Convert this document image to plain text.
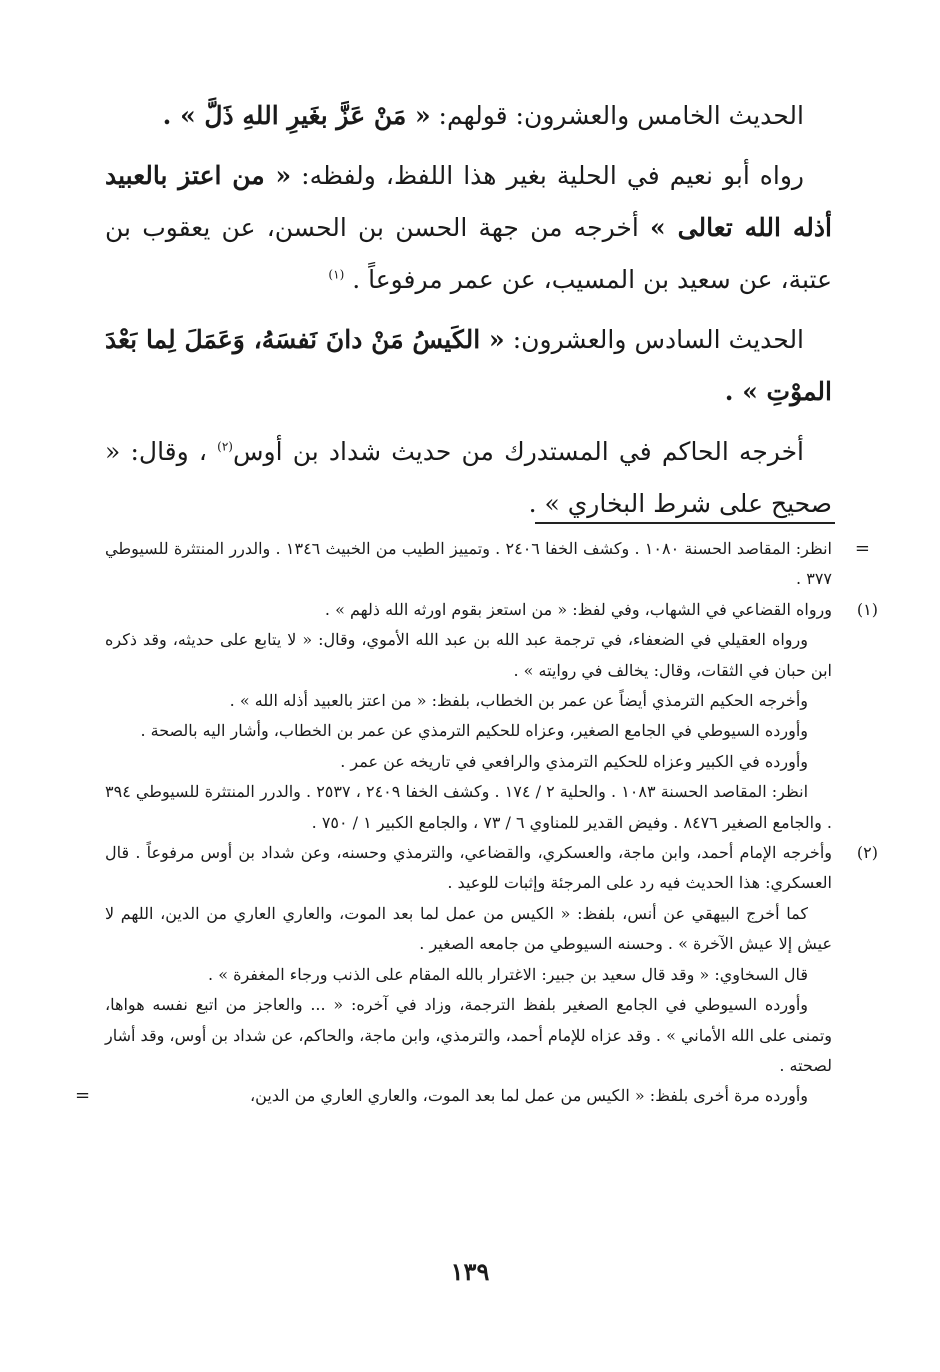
الحديث الخامس والعشرون: قولهم: « مَنْ عَزَّ بغَيرِ اللهِ ذَلَّ » .

رواه أبو نعيم في الحلية بغير هذا اللفظ، ولفظه: « من اعتز بالعبيد أذله الله تعالى » أخرجه من جهة الحسن بن الحسن، عن يعقوب بن عتبة، عن سعيد بن المسيب، عن عمر مرفوعاً . $^{(١)}$

الحديث السادس والعشرون: « الكَيسُ مَنْ دانَ نَفسَهُ، وَعَمَلَ لِما بَعْدَ الموْتِ » .

أخرجه الحاكم في المستدرك من حديث شداد بن أوس$^{(٢)}$ ، وقال: « صحيح على شرط البخاري » .

=
انظر: المقاصد الحسنة ١٠٨٠ . وكشف الخفا ٢٤٠٦ . وتمييز الطيب من الخبيث ١٣٤٦ . والدرر المنتثرة للسيوطي ٣٧٧ .

(١)
ورواه القضاعي في الشهاب، وفي لفظ: « من استعز بقوم اورثه الله ذلهم » .

ورواه العقيلي في الضعفاء، في ترجمة عبد الله بن عبد الله الأموي، وقال: « لا يتابع على حديثه، وقد ذكره ابن حبان في الثقات، وقال: يخالف في روايته » .

وأخرجه الحكيم الترمذي أيضاً عن عمر بن الخطاب، بلفظ: « من اعتز بالعبيد أذله الله » .

وأورده السيوطي في الجامع الصغير، وعزاه للحكيم الترمذي عن عمر بن الخطاب، وأشار اليه بالصحة .

وأورده في الكبير وعزاه للحكيم الترمذي والرافعي في تاريخه عن عمر .

انظر: المقاصد الحسنة ١٠٨٣ . والحلية ٢ / ١٧٤ . وكشف الخفا ٢٤٠٩ ، ٢٥٣٧ . والدرر المنتثرة للسيوطي ٣٩٤ . والجامع الصغير ٨٤٧٦ . وفيض القدير للمناوي ٦ / ٧٣ ، والجامع الكبير ١ / ٧٥٠ .

(٢)
وأخرجه الإمام أحمد، وابن ماجة، والعسكري، والقضاعي، والترمذي وحسنه، وعن شداد بن أوس مرفوعاً . قال العسكري: هذا الحديث فيه رد على المرجئة وإثبات للوعيد .

كما أخرج البيهقي عن أنس، بلفظ: « الكيس من عمل لما بعد الموت، والعاري العاري من الدين، اللهم لا عيش إلا عيش الآخرة » . وحسنه السيوطي من جامعه الصغير .

قال السخاوي: « وقد قال سعيد بن جبير: الاغترار بالله المقام على الذنب ورجاء المغفرة » .

وأورده السيوطي في الجامع الصغير بلفظ الترجمة، وزاد في آخره: « ... والعاجز من اتبع نفسه هواها، وتمنى على الله الأماني » . وقد عزاه للإمام أحمد، والترمذي، وابن ماجة، والحاكم، عن شداد بن أوس، وقد أشار لصحته .

وأورده مرة أخرى بلفظ: « الكيس من عمل لما بعد الموت، والعاري العاري من الدين،
=

١٣٩
